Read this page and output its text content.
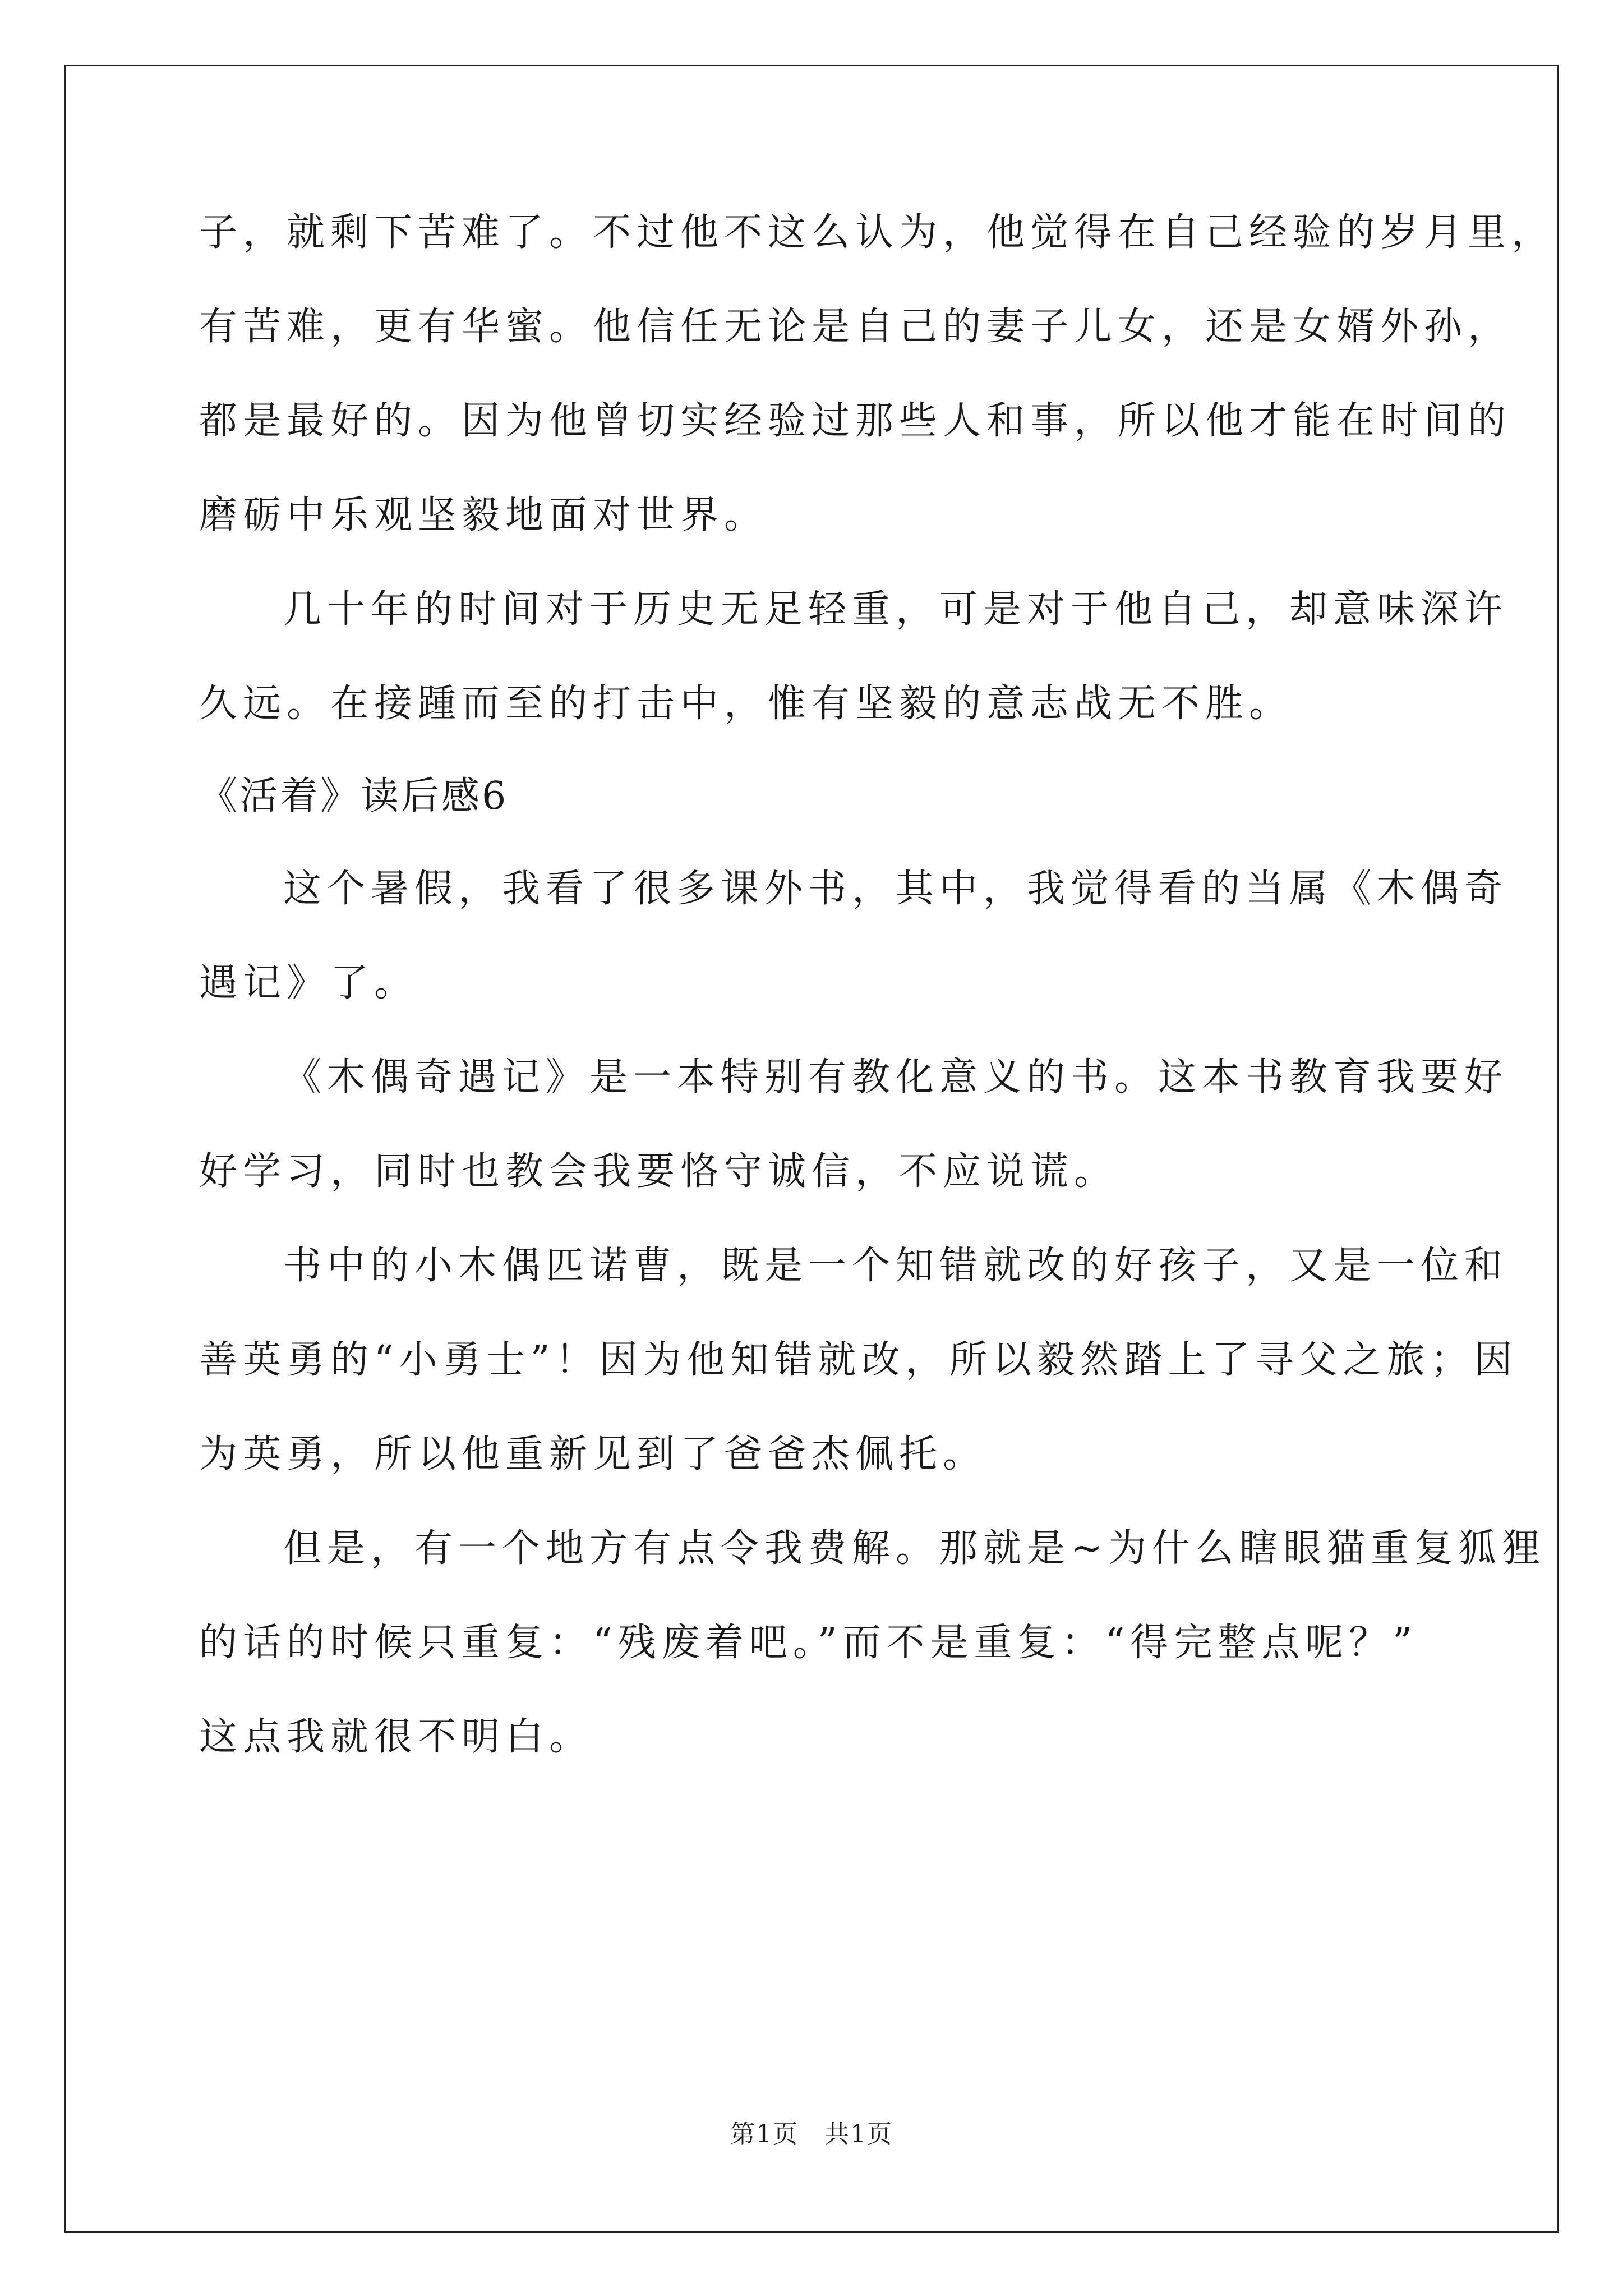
子，就剩下苦难了。不过他不这么认为，他觉得在自己经验的岁月里，
有苦难，更有华蜜。他信任无论是自己的妻子儿女，还是女婿外孙，
都是最好的。因为他曾切实经验过那些人和事，所以他才能在时间的
磨砺中乐观坚毅地面对世界。
几十年的时间对于历史无足轻重，可是对于他自己，却意味深许
久远。在接踵而至的打击中，惟有坚毅的意志战无不胜。
《活着》读后感6
这个暑假，我看了很多课外书，其中，我觉得看的当属《木偶奇
遇记》了。
《木偶奇遇记》是一本特别有教化意义的书。这本书教育我要好
好学习，同时也教会我要恪守诚信，不应说谎。
书中的小木偶匹诺曹，既是一个知错就改的好孩子，又是一位和
善英勇的“小勇士”！因为他知错就改，所以毅然踏上了寻父之旅；因
为英勇，所以他重新见到了爸爸杰佩托。
但是，有一个地方有点令我费解。那就是~为什么瞎眼猫重复狐狸
的话的时候只重复：“残废着吧。”而不是重复：“得完整点呢？”
这点我就很不明白。
第1页 共1页
